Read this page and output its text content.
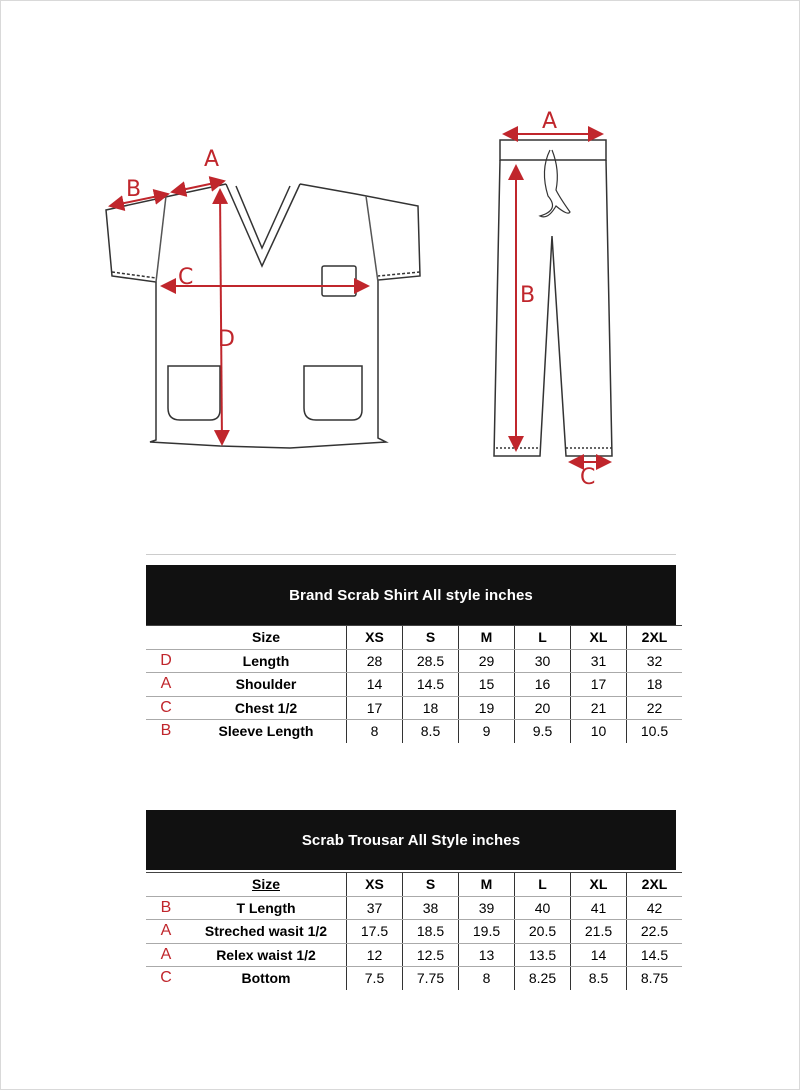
A
B
C
D
A
B
C
Brand Scrab Shirt All style inches
	Size	XS	S	M	L	XL	2XL
D	Length	28	28.5	29	30	31	32
A	Shoulder	14	14.5	15	16	17	18
C	Chest 1/2	17	18	19	20	21	22
B	Sleeve Length	8	8.5	9	9.5	10	10.5
Scrab Trousar All Style inches
	Size	XS	S	M	L	XL	2XL
B	T Length	37	38	39	40	41	42
A	Streched wasit 1/2	17.5	18.5	19.5	20.5	21.5	22.5
A	Relex waist 1/2	12	12.5	13	13.5	14	14.5
C	Bottom	7.5	7.75	8	8.25	8.5	8.75
